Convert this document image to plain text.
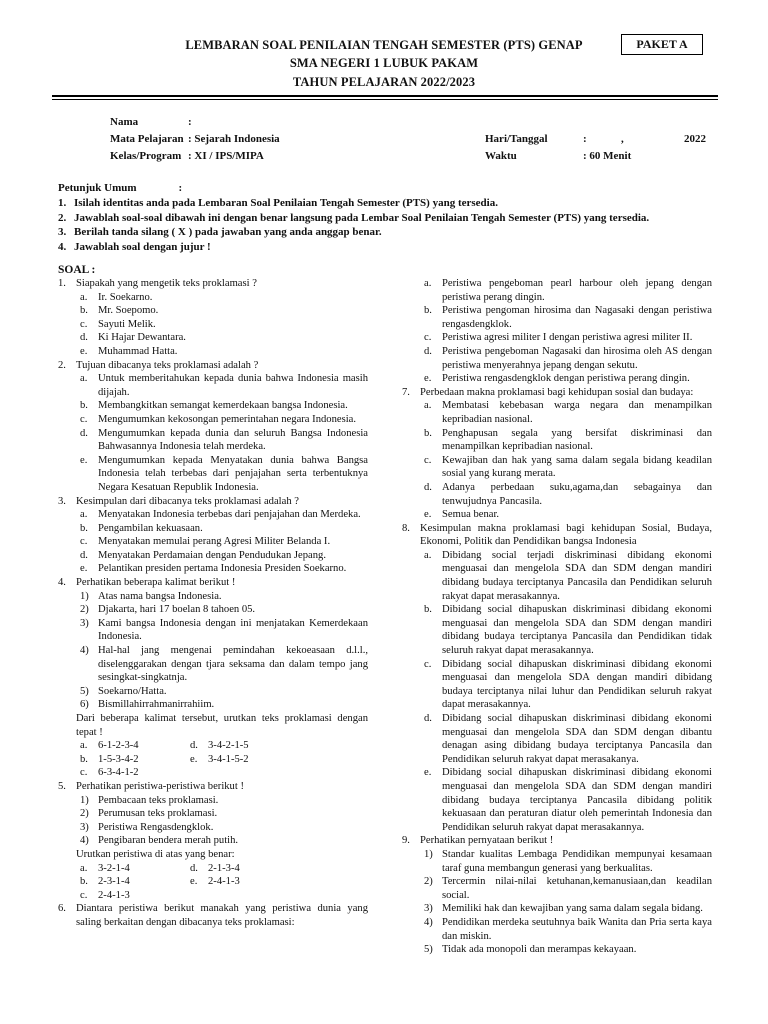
LEMBARAN SOAL PENILAIAN TENGAH SEMESTER (PTS) GENAP
SMA NEGERI 1 LUBUK PAKAM
TAHUN PELAJARAN 2022/2023
PAKET A
Nama	:
Mata Pelajaran : Sejarah Indonesia
Kelas/Program : XI / IPS/MIPA
Hari/Tanggal	:	,	2022
Waktu	: 60 Menit
Petunjuk Umum	:
1. Isilah identitas anda pada Lembaran Soal Penilaian Tengah Semester (PTS) yang tersedia.
2. Jawablah soal-soal dibawah ini dengan benar langsung pada Lembar Soal Penilaian Tengah Semester (PTS) yang tersedia.
3. Berilah tanda silang ( X ) pada jawaban yang anda anggap benar.
4. Jawablah soal dengan jujur !
SOAL :
1. Siapakah yang mengetik teks proklamasi ?
a. Ir. Soekarno.
b. Mr. Soepomo.
c. Sayuti Melik.
d. Ki Hajar Dewantara.
e. Muhammad Hatta.
2. Tujuan dibacanya teks proklamasi adalah ?
a. Untuk memberitahukan kepada dunia bahwa Indonesia masih dijajah.
b. Membangkitkan semangat kemerdekaan bangsa Indonesia.
c. Mengumumkan kekosongan pemerintahan negara Indonesia.
d. Mengumumkan kepada dunia dan seluruh Bangsa Indonesia Bahwasannya Indonesia telah merdeka.
e. Mengumumkan kepada Menyatakan dunia bahwa Bangsa Indonesia telah terbebas dari penjajahan serta terbentuknya Negara Kesatuan Republik Indonesia.
3. Kesimpulan dari dibacanya teks proklamasi adalah ?
a. Menyatakan Indonesia terbebas dari penjajahan dan Merdeka.
b. Pengambilan kekuasaan.
c. Menyatakan memulai perang Agresi Militer Belanda I.
d. Menyatakan Perdamaian dengan Pendudukan Jepang.
e. Pelantikan presiden pertama Indonesia Presiden Soekarno.
4. Perhatikan beberapa kalimat berikut !
1) Atas nama bangsa Indonesia.
2) Djakarta, hari 17 boelan 8 tahoen 05.
3) Kami bangsa Indonesia dengan ini menjatakan Kemerdekaan Indonesia.
4) Hal-hal jang mengenai pemindahan kekoeasaan d.l.l., diselenggarakan dengan tjara seksama dan dalam tempo jang sesingkat-singkatnja.
5) Soekarno/Hatta.
6) Bismillahirrahmanirrahiim.
Dari beberapa kalimat tersebut, urutkan teks proklamasi dengan tepat !
a. 6-1-2-3-4	d. 3-4-2-1-5
b. 1-5-3-4-2	e. 3-4-1-5-2
c. 6-3-4-1-2
5. Perhatikan peristiwa-peristiwa berikut !
1) Pembacaan teks proklamasi.
2) Perumusan teks proklamasi.
3) Peristiwa Rengasdengklok.
4) Pengibaran bendera merah putih.
Urutkan peristiwa di atas yang benar:
a. 3-2-1-4	d. 2-1-3-4
b. 2-3-1-4	e. 2-4-1-3
c. 2-4-1-3
6. Diantara peristiwa berikut manakah yang peristiwa dunia yang saling berkaitan dengan dibacanya teks proklamasi:
a. Peristiwa pengeboman pearl harbour oleh jepang dengan peristiwa perang dingin.
b. Peristiwa pengoman hirosima dan Nagasaki dengan peristiwa rengasdengklok.
c. Peristiwa agresi militer I dengan peristiwa agresi militer II.
d. Peristiwa pengeboman Nagasaki dan hirosima oleh AS dengan peristiwa menyerahnya jepang dengan sekutu.
e. Peristiwa rengasdengklok dengan peristiwa perang dingin.
7. Perbedaan makna proklamasi bagi kehidupan sosial dan budaya:
a. Membatasi kebebasan warga negara dan menampilkan kepribadian nasional.
b. Penghapusan segala yang bersifat diskriminasi dan menampilkan kepribadian nasional.
c. Kewajiban dan hak yang sama dalam segala bidang keadilan sosial yang kurang merata.
d. Adanya perbedaan suku,agama,dan sebagainya dan tenwujudnya Pancasila.
e. Semua benar.
8. Kesimpulan makna proklamasi bagi kehidupan Sosial, Budaya, Ekonomi, Politik dan Pendidikan bangsa Indonesia
a. Dibidang social terjadi diskriminasi dibidang ekonomi menguasai dan mengelola SDA dan SDM dengan mandiri dibidang budaya terciptanya Pancasila dan Pendidikan seluruh rakyat dapat merasakannya.
b. Dibidang social dihapuskan diskriminasi dibidang ekonomi menguasai dan mengelola SDA dan SDM dengan mandiri dibidang budaya terciptanya Pancasila dan Pendidikan tidak seluruh rakyat dapat merasakannya.
c. Dibidang social dihapuskan diskriminasi dibidang ekonomi menguasai dan mengelola SDA dengan mandiri dibidang budaya terciptanya nilai luhur dan Pendidikan seluruh rakyat dapat merasakannya.
d. Dibidang social dihapuskan diskriminasi dibidang ekonomi menguasai dan mengelola SDA dan SDM dengan dibantu denagan asing dibidang budaya terciptanya Pancasila dan Pendidikan seluruh rakyat dapat merasakanya.
e. Dibidang social dihapuskan diskriminasi dibidang ekonomi menguasai dan mengelola SDA dan SDM dengan mandiri dibidang budaya terciptanya Pancasila dibidang politik kekuasaan dan peraturan diatur oleh pemerintah Indonesia dan Pendidikan seluruh rakyat dapat merasakannya.
9. Perhatikan pernyataan berikut !
1) Standar kualitas Lembaga Pendidikan mempunyai kesamaan taraf guna membangun generasi yang berkualitas.
2) Tercermin nilai-nilai ketuhanan,kemanusiaan,dan keadilan social.
3) Memiliki hak dan kewajiban yang sama dalam segala bidang.
4) Pendidikan merdeka seutuhnya baik Wanita dan Pria serta kaya dan miskin.
5) Tidak ada monopoli dan merampas kekayaan.
